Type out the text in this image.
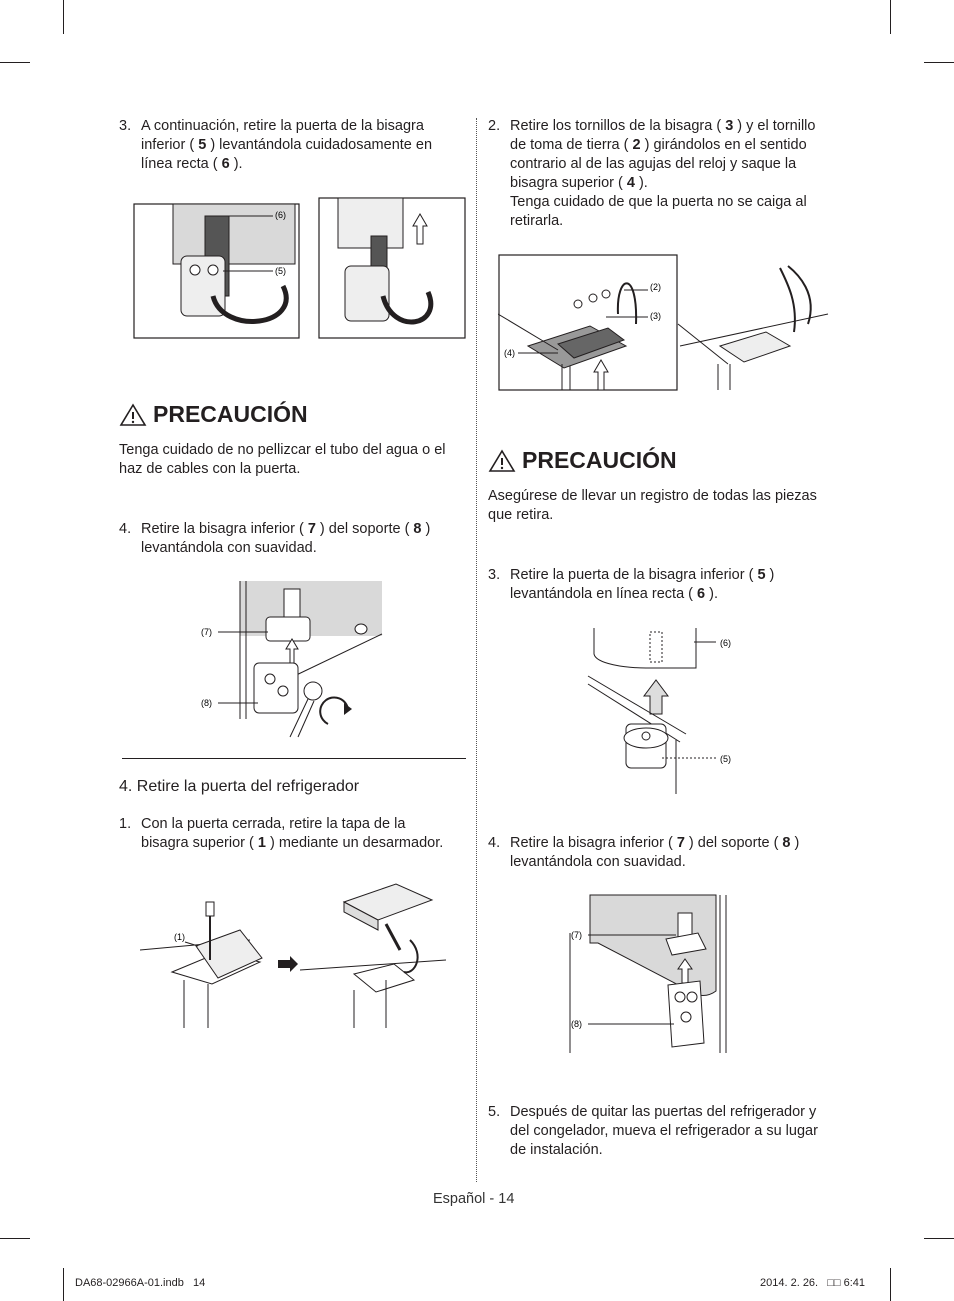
3. A continuación, retire la puerta de la bisagra
inferior ( 5 ) levantándola cuidadosamente en
línea recta ( 6 ).
(6)
(5)
PRECAUCIÓN
Tenga cuidado de no pellizcar el tubo del agua o el
haz de cables con la puerta.
4. Retire la bisagra inferior ( 7 ) del soporte ( 8 )
levantándola con suavidad.
(7)
(8)
4. Retire la puerta del refrigerador
1. Con la puerta cerrada, retire la tapa de la
bisagra superior ( 1 ) mediante un desarmador.
(1)
2. Retire los tornillos de la bisagra ( 3 ) y el tornillo
de toma de tierra ( 2 ) girándolos en el sentido
contrario al de las agujas del reloj y saque la
bisagra superior ( 4 ).
Tenga cuidado de que la puerta no se caiga al
retirarla.
(2)
(3)
(4)
PRECAUCIÓN
Asegúrese de llevar un registro de todas las piezas
que retira.
3. Retire la puerta de la bisagra inferior ( 5 )
levantándola en línea recta ( 6 ).
(6)
(5)
4. Retire la bisagra inferior ( 7 ) del soporte ( 8 )
levantándola con suavidad.
(7)
(8)
5. Después de quitar las puertas del refrigerador y
del congelador, mueva el refrigerador a su lugar
de instalación.
Español - 14
DA68-02966A-01.indb   14	2014. 2. 26.   □□ 6:41
